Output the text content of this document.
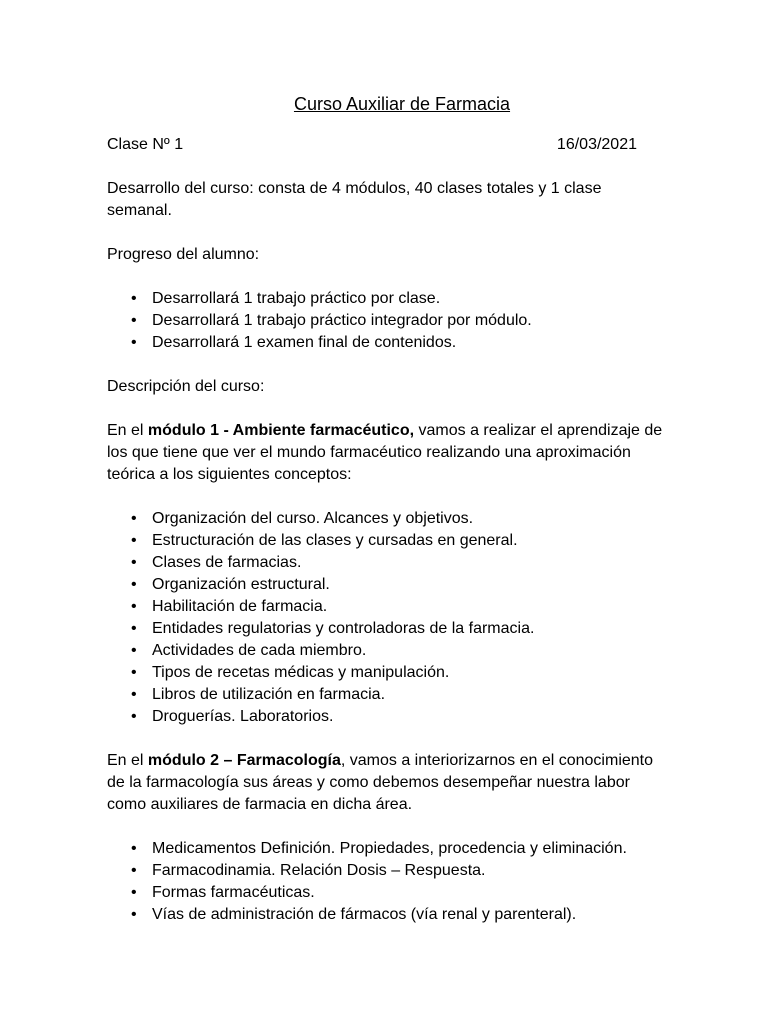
Curso Auxiliar de Farmacia
Clase Nº 1	16/03/2021

Desarrollo del curso: consta de 4 módulos, 40 clases totales y 1 clase semanal.

Progreso del alumno:

• Desarrollará 1 trabajo práctico por clase.
• Desarrollará 1 trabajo práctico integrador por módulo.
• Desarrollará 1 examen final de contenidos.

Descripción del curso:

En el módulo 1 - Ambiente farmacéutico, vamos a realizar el aprendizaje de los que tiene que ver el mundo farmacéutico realizando una aproximación teórica a los siguientes conceptos:

• Organización del curso. Alcances y objetivos.
• Estructuración de las clases y cursadas en general.
• Clases de farmacias.
• Organización estructural.
• Habilitación de farmacia.
• Entidades regulatorias y controladoras de la farmacia.
• Actividades de cada miembro.
• Tipos de recetas médicas y manipulación.
• Libros de utilización en farmacia.
• Droguerías. Laboratorios.

En el módulo 2 – Farmacología, vamos a interiorizarnos en el conocimiento de la farmacología sus áreas y como debemos desempeñar nuestra labor como auxiliares de farmacia en dicha área.

• Medicamentos Definición. Propiedades, procedencia y eliminación.
• Farmacodinamia. Relación Dosis – Respuesta.
• Formas farmacéuticas.
• Vías de administración de fármacos (vía renal y parenteral).
